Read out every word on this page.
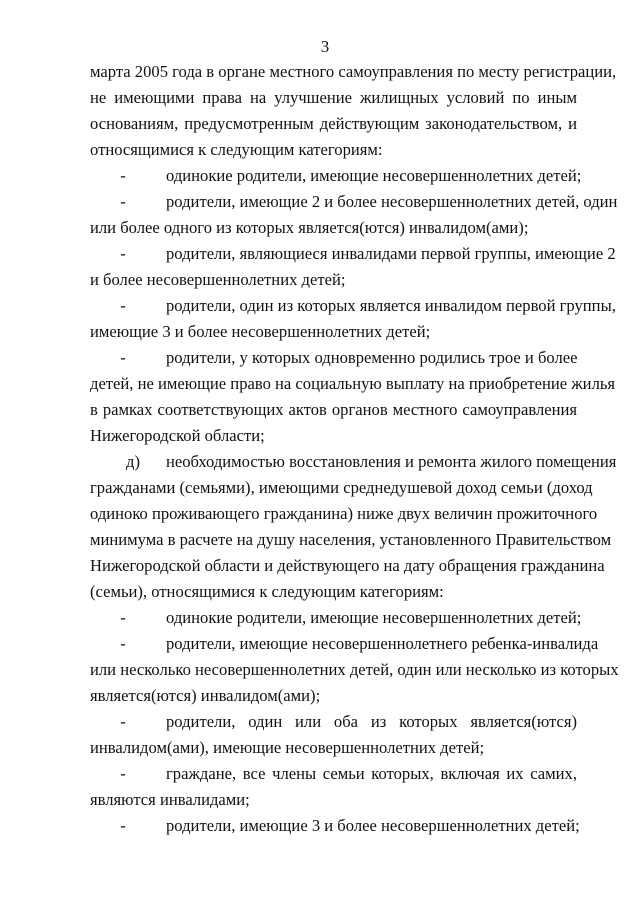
3
марта 2005 года в органе местного самоуправления по месту регистрации,
не имеющими права на улучшение жилищных условий по иным
основаниям, предусмотренным действующим законодательством, и
относящимися к следующим категориям:
- одинокие родители, имеющие несовершеннолетних детей;
- родители, имеющие 2 и более несовершеннолетних детей, один
или более одного из которых является(ются) инвалидом(ами);
- родители, являющиеся инвалидами первой группы, имеющие 2
и более несовершеннолетних детей;
- родители, один из которых является инвалидом первой группы,
имеющие 3 и более несовершеннолетних детей;
- родители, у которых одновременно родились трое и более
детей, не имеющие право на социальную выплату на приобретение жилья
в рамках соответствующих актов органов местного самоуправления
Нижегородской области;
д) необходимостью восстановления и ремонта жилого помещения
гражданами (семьями), имеющими среднедушевой доход семьи (доход
одиноко проживающего гражданина) ниже двух величин прожиточного
минимума в расчете на душу населения, установленного Правительством
Нижегородской области и действующего на дату обращения гражданина
(семьи), относящимися к следующим категориям:
- одинокие родители, имеющие несовершеннолетних детей;
- родители, имеющие несовершеннолетнего ребенка-инвалида
или несколько несовершеннолетних детей, один или несколько из которых
является(ются) инвалидом(ами);
- родители, один или оба из которых является(ются)
инвалидом(ами), имеющие несовершеннолетних детей;
- граждане, все члены семьи которых, включая их самих,
являются инвалидами;
- родители, имеющие 3 и более несовершеннолетних детей;
